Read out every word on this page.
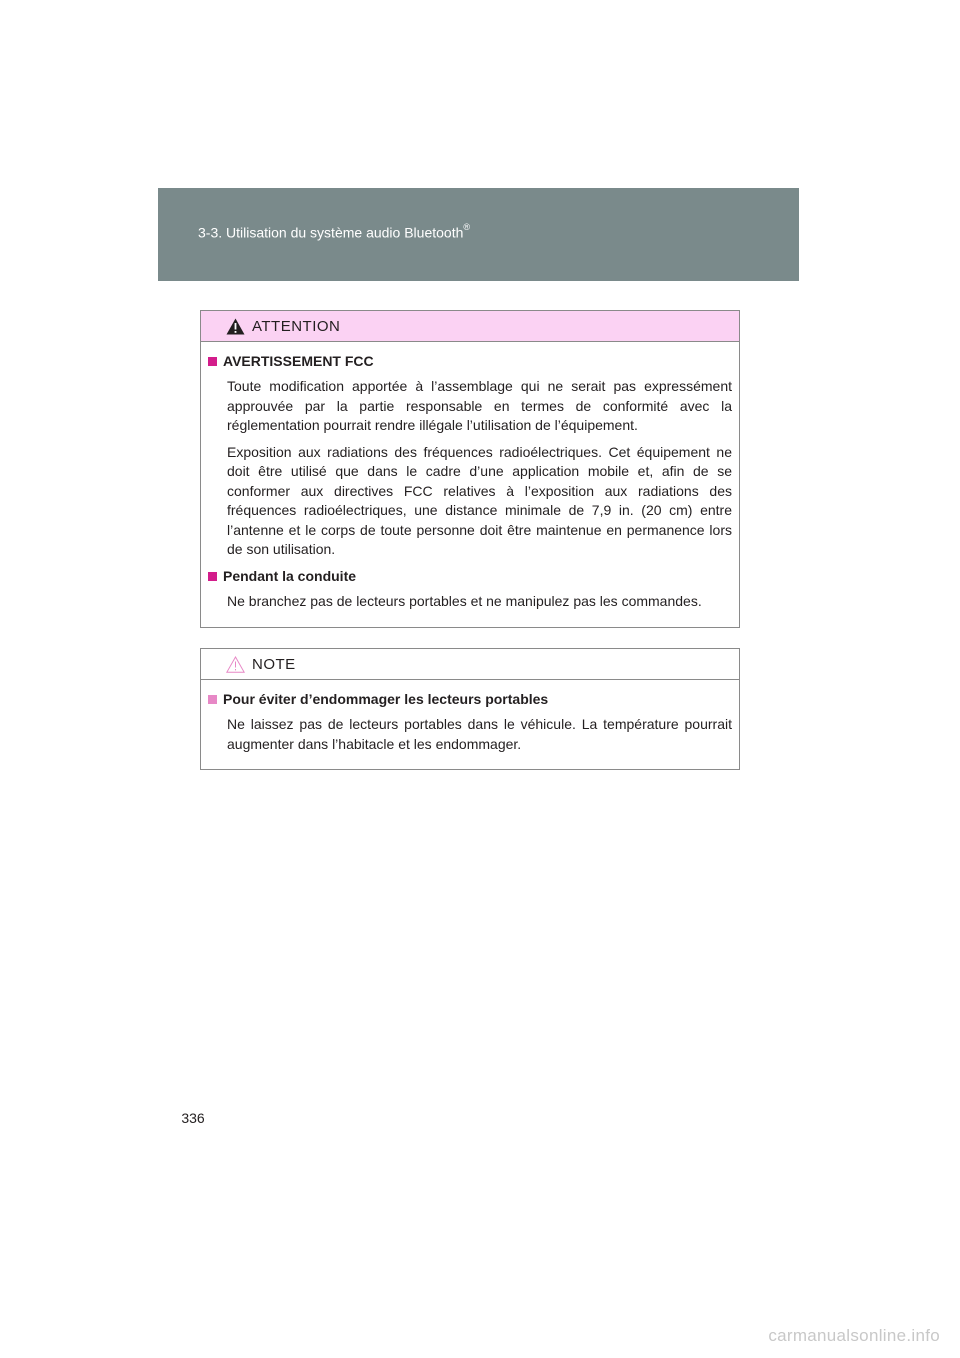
3-3. Utilisation du système audio Bluetooth®
ATTENTION
AVERTISSEMENT FCC

Toute modification apportée à l’assemblage qui ne serait pas expressément approuvée par la partie responsable en termes de conformité avec la réglementation pourrait rendre illégale l’utilisation de l’équipement.

Exposition aux radiations des fréquences radioélectriques. Cet équipement ne doit être utilisé que dans le cadre d’une application mobile et, afin de se conformer aux directives FCC relatives à l’exposition aux radiations des fréquences radioélectriques, une distance minimale de 7,9 in. (20 cm) entre l’antenne et le corps de toute personne doit être maintenue en permanence lors de son utilisation.

Pendant la conduite

Ne branchez pas de lecteurs portables et ne manipulez pas les commandes.

NOTE
Pour éviter d’endommager les lecteurs portables

Ne laissez pas de lecteurs portables dans le véhicule. La température pourrait augmenter dans l’habitacle et les endommager.

336
carmanualsonline.info
